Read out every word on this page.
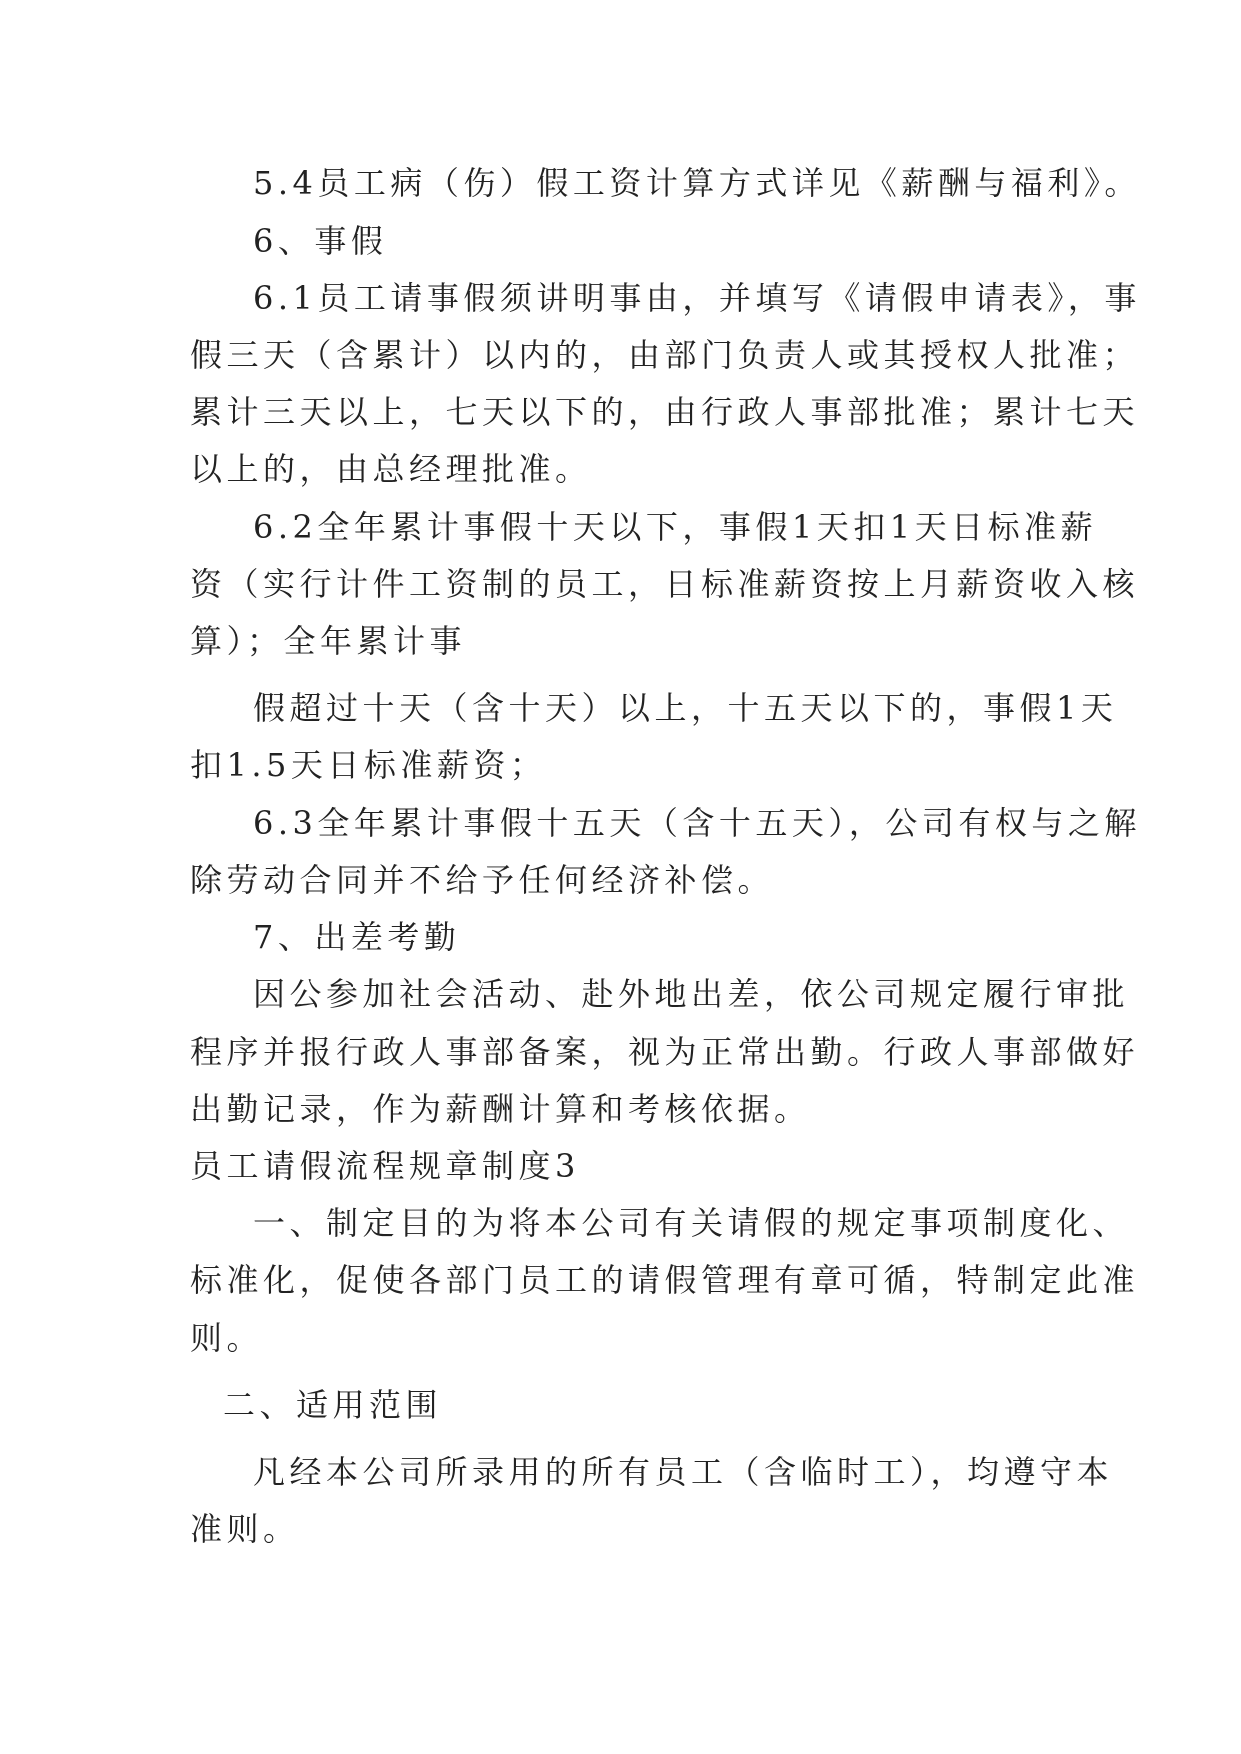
5.4员工病（伤）假工资计算方式详见《薪酬与福利》。
6、事假
6.1员工请事假须讲明事由，并填写《请假申请表》，事
假三天（含累计）以内的，由部门负责人或其授权人批准；
累计三天以上，七天以下的，由行政人事部批准；累计七天
以上的，由总经理批准。
6.2全年累计事假十天以下，事假1天扣1天日标准薪
资（实行计件工资制的员工，日标准薪资按上月薪资收入核
算）；全年累计事
假超过十天（含十天）以上，十五天以下的，事假1天
扣1.5天日标准薪资；
6.3全年累计事假十五天（含十五天），公司有权与之解
除劳动合同并不给予任何经济补偿。
7、出差考勤
因公参加社会活动、赴外地出差，依公司规定履行审批
程序并报行政人事部备案，视为正常出勤。行政人事部做好
出勤记录，作为薪酬计算和考核依据。
员工请假流程规章制度3
一、制定目的为将本公司有关请假的规定事项制度化、
标准化，促使各部门员工的请假管理有章可循，特制定此准
则。
二、适用范围
凡经本公司所录用的所有员工（含临时工），均遵守本
准则。
